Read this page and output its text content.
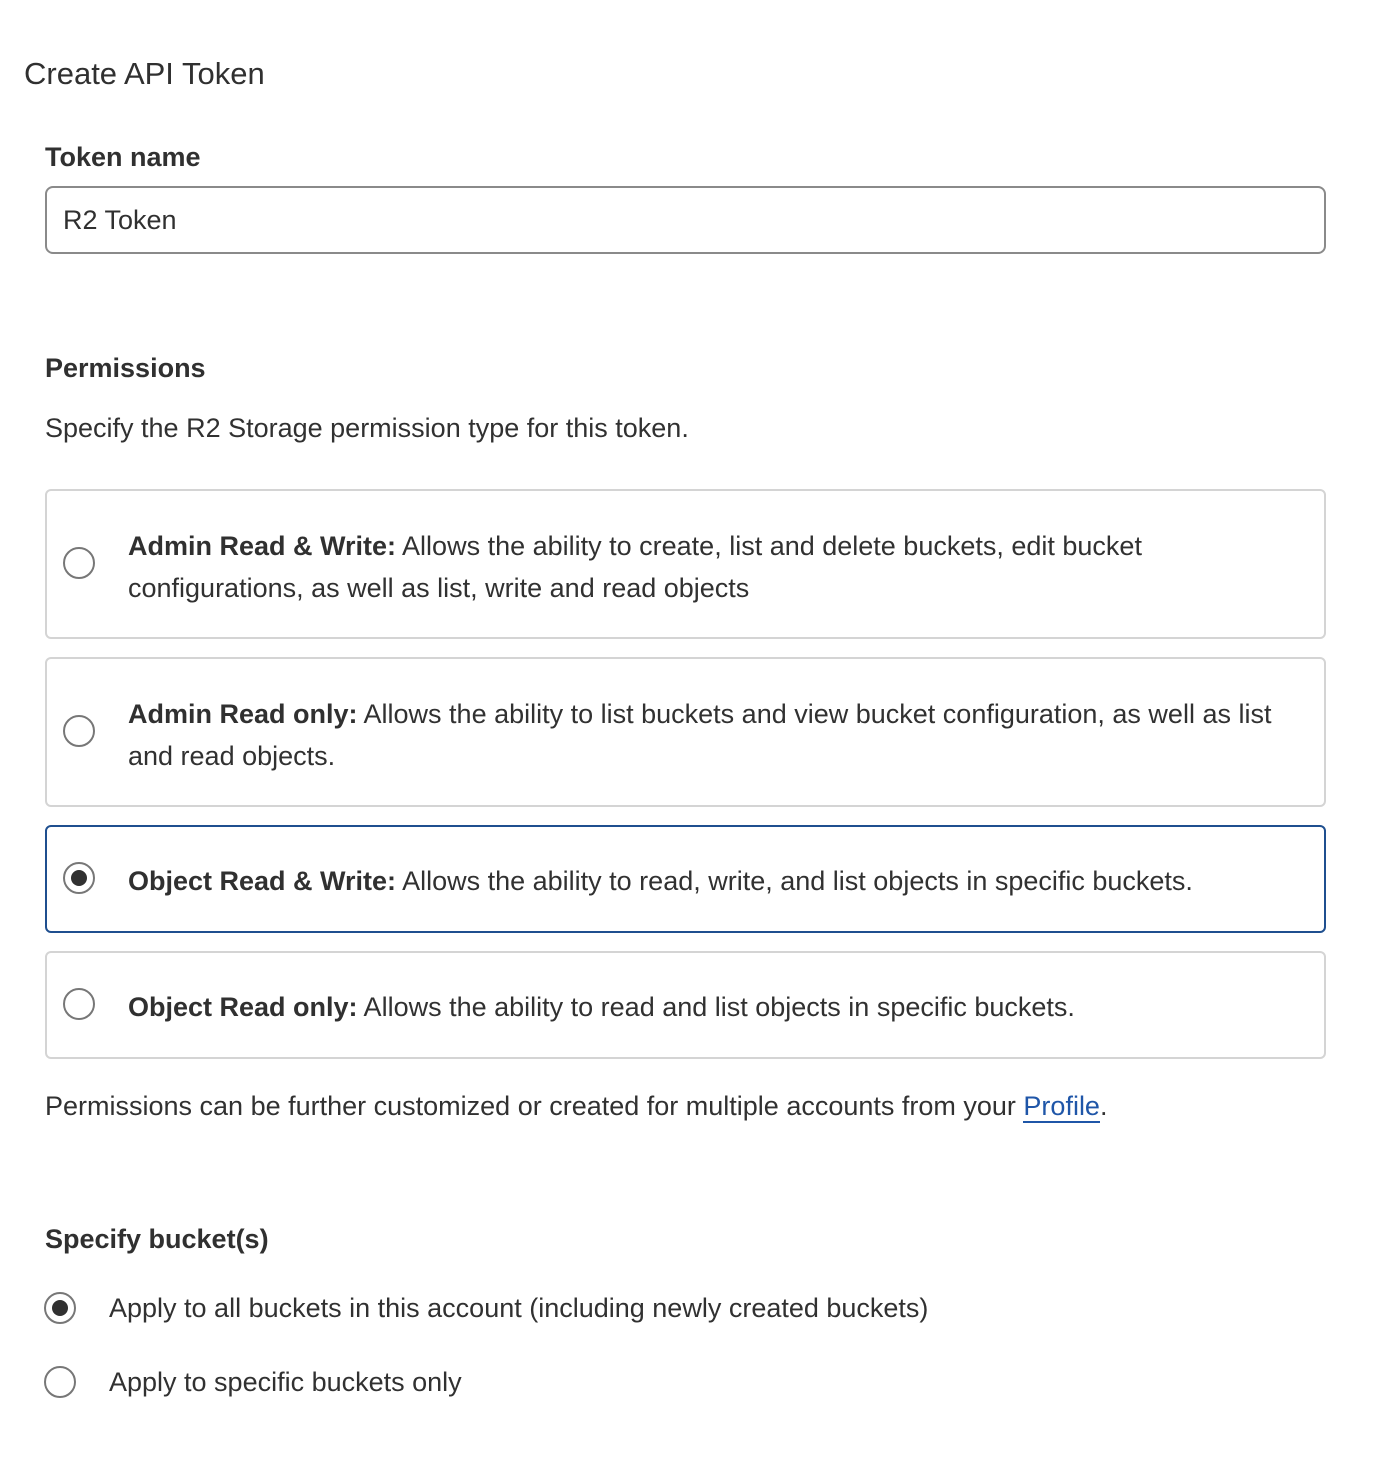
Create API Token
Token name
R2 Token
Permissions
Specify the R2 Storage permission type for this token.
Admin Read & Write: Allows the ability to create, list and delete buckets, edit bucket configurations, as well as list, write and read objects
Admin Read only: Allows the ability to list buckets and view bucket configuration, as well as list and read objects.
Object Read & Write: Allows the ability to read, write, and list objects in specific buckets.
Object Read only: Allows the ability to read and list objects in specific buckets.
Permissions can be further customized or created for multiple accounts from your Profile.
Specify bucket(s)
Apply to all buckets in this account (including newly created buckets)
Apply to specific buckets only
